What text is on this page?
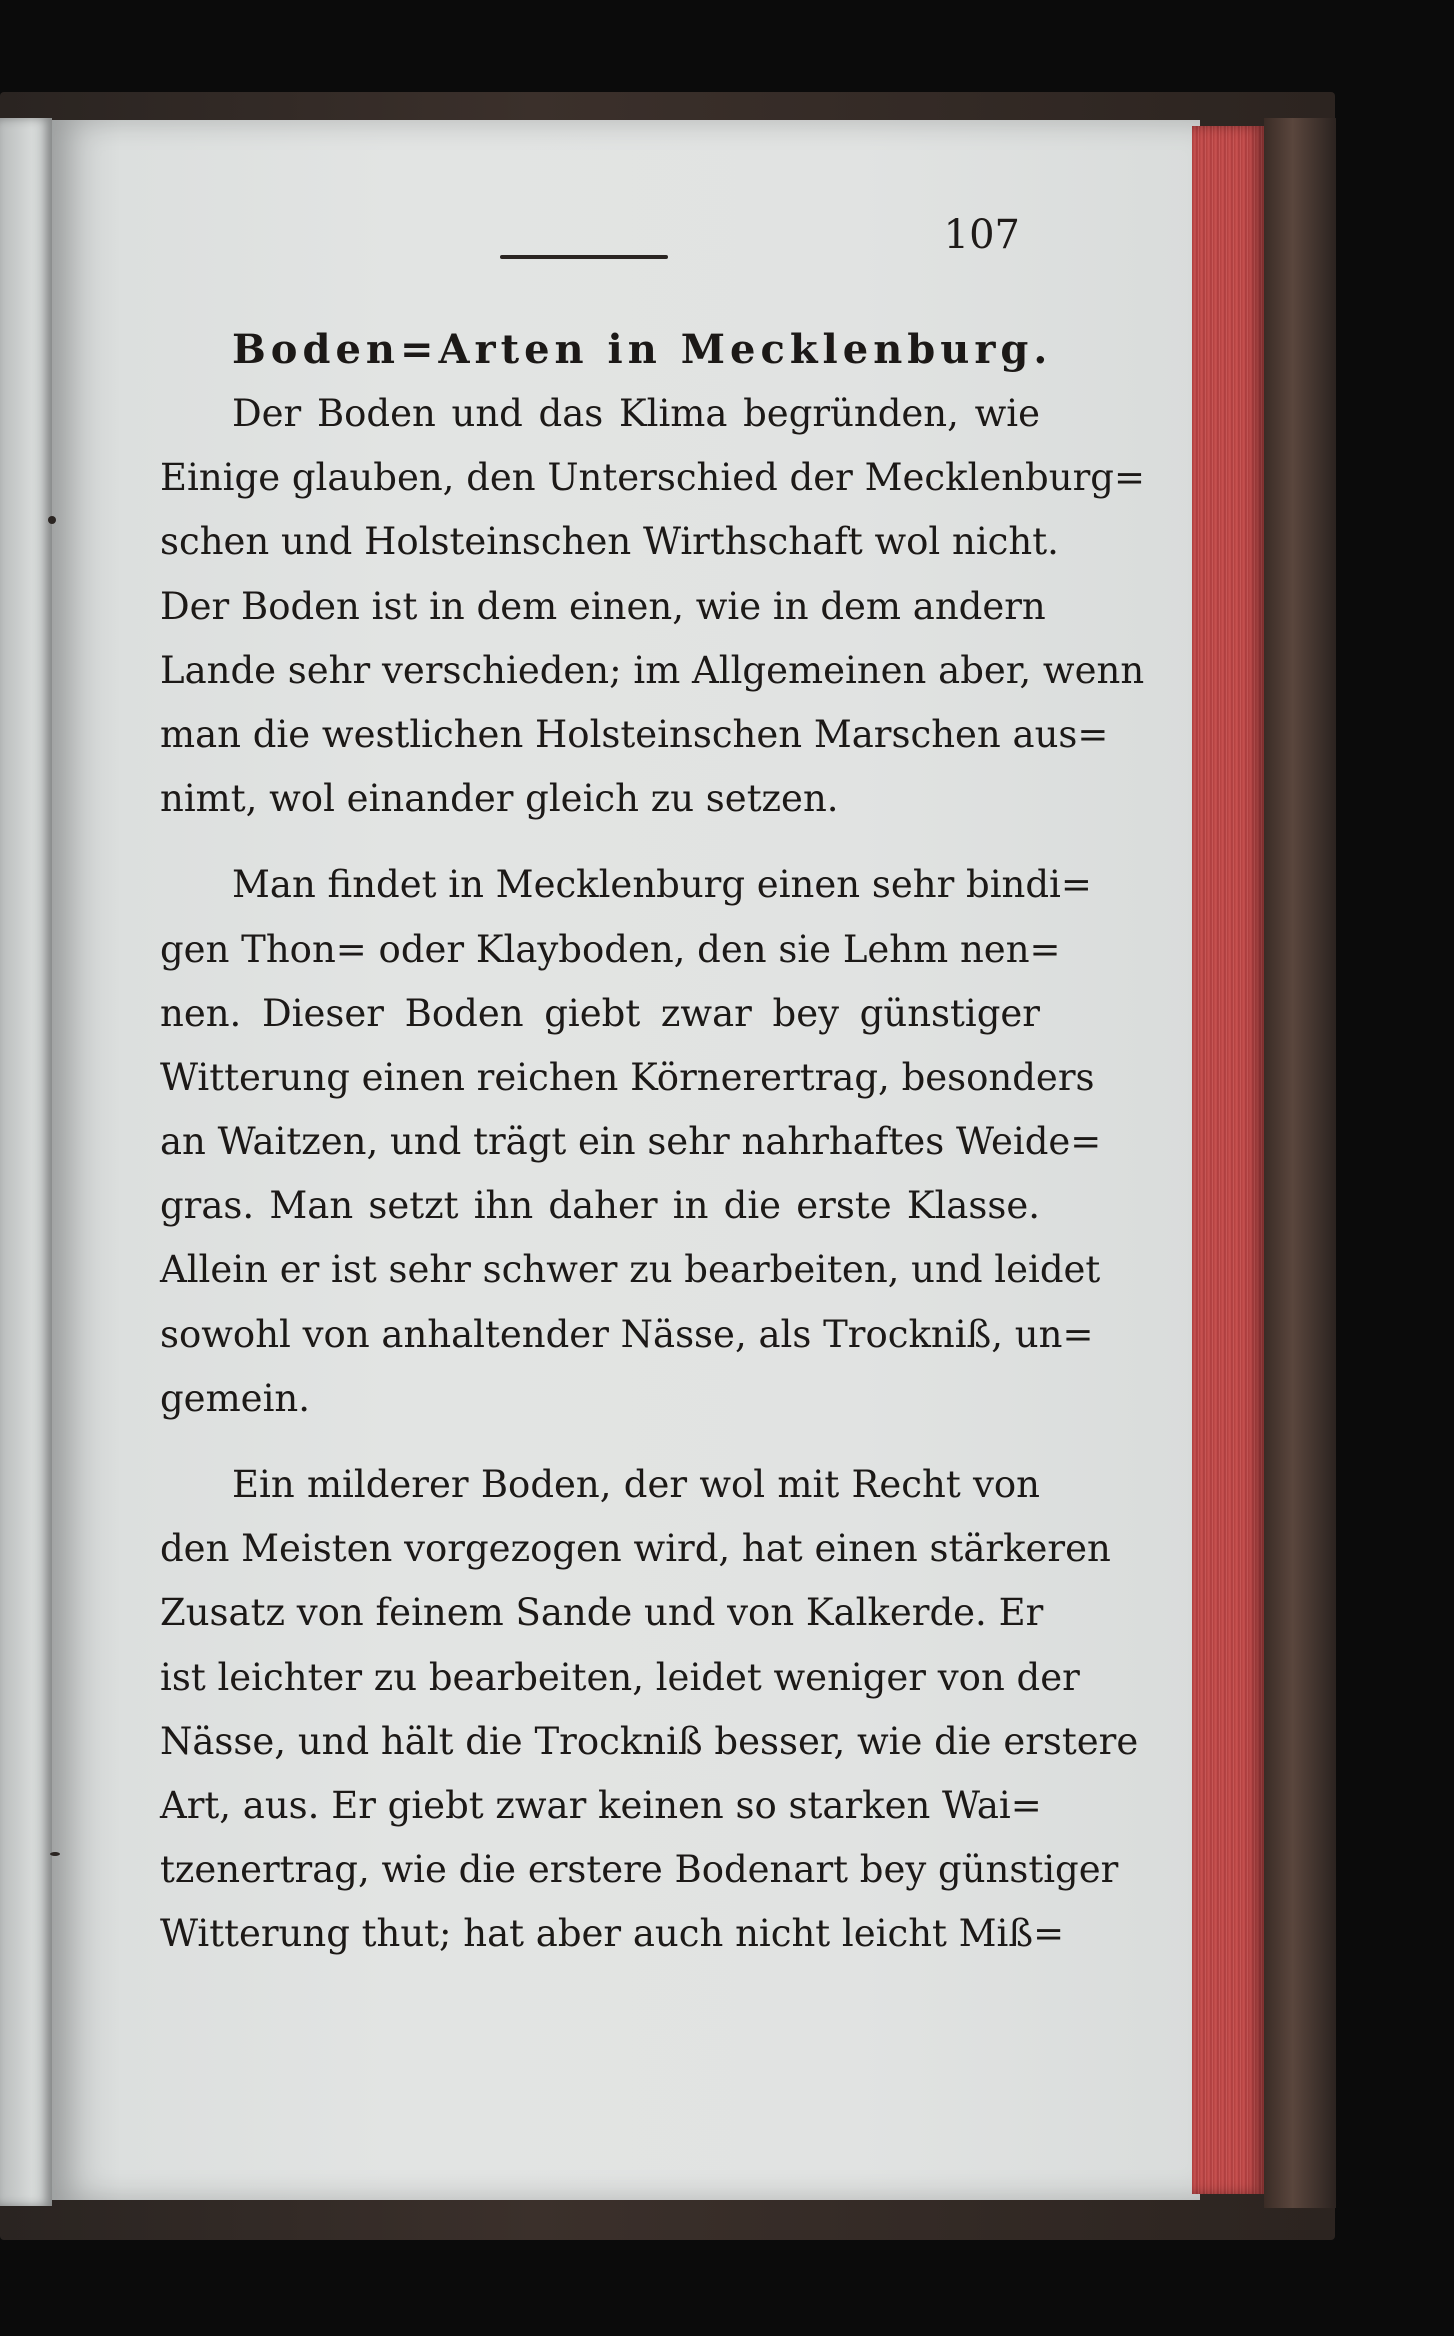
107
Boden=Arten in Mecklenburg.
Der Boden und das Klima begründen, wie
Einige glauben, den Unterschied der Mecklenburg=
schen und Holsteinschen Wirthschaft wol nicht.
Der Boden ist in dem einen, wie in dem andern
Lande sehr verschieden; im Allgemeinen aber, wenn
man die westlichen Holsteinschen Marschen aus=
nimt, wol einander gleich zu setzen.
Man findet in Mecklenburg einen sehr bindi=
gen Thon= oder Klayboden, den sie Lehm nen=
nen. Dieser Boden giebt zwar bey günstiger
Witterung einen reichen Körnerertrag, besonders
an Waitzen, und trägt ein sehr nahrhaftes Weide=
gras. Man setzt ihn daher in die erste Klasse.
Allein er ist sehr schwer zu bearbeiten, und leidet
sowohl von anhaltender Nässe, als Trockniß, un=
gemein.
Ein milderer Boden, der wol mit Recht von
den Meisten vorgezogen wird, hat einen stärkeren
Zusatz von feinem Sande und von Kalkerde. Er
ist leichter zu bearbeiten, leidet weniger von der
Nässe, und hält die Trockniß besser, wie die erstere
Art, aus. Er giebt zwar keinen so starken Wai=
tzenertrag, wie die erstere Bodenart bey günstiger
Witterung thut; hat aber auch nicht leicht Miß=
